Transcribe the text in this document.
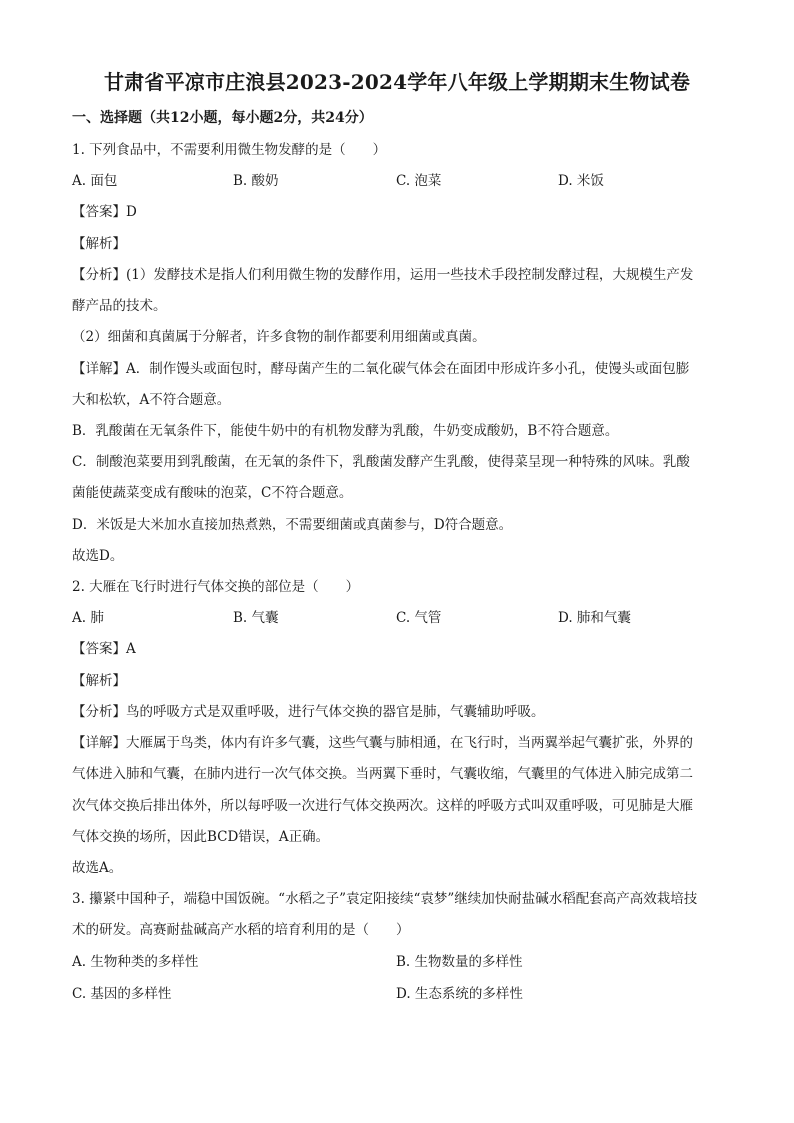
甘肃省平凉市庄浪县2023-2024学年八年级上学期期末生物试卷
一、选择题（共12小题，每小题2分，共24分）
1. 下列食品中，不需要利用微生物发酵的是（　　）
A. 面包	B. 酸奶	C. 泡菜	D. 米饭
【答案】D
【解析】
【分析】(1）发酵技术是指人们利用微生物的发酵作用，运用一些技术手段控制发酵过程，大规模生产发
酵产品的技术。
（2）细菌和真菌属于分解者，许多食物的制作都要利用细菌或真菌。
【详解】A．制作馒头或面包时，酵母菌产生的二氧化碳气体会在面团中形成许多小孔，使馒头或面包膨
大和松软，A不符合题意。
B．乳酸菌在无氧条件下，能使牛奶中的有机物发酵为乳酸，牛奶变成酸奶，B不符合题意。
C．制酸泡菜要用到乳酸菌，在无氧的条件下，乳酸菌发酵产生乳酸，使得菜呈现一种特殊的风味。乳酸
菌能使蔬菜变成有酸味的泡菜，C不符合题意。
D．米饭是大米加水直接加热煮熟，不需要细菌或真菌参与，D符合题意。
故选D。
2. 大雁在飞行时进行气体交换的部位是（　　）
A. 肺	B. 气囊	C. 气管	D. 肺和气囊
【答案】A
【解析】
【分析】鸟的呼吸方式是双重呼吸，进行气体交换的器官是肺，气囊辅助呼吸。
【详解】大雁属于鸟类，体内有许多气囊，这些气囊与肺相通，在飞行时，当两翼举起气囊扩张，外界的
气体进入肺和气囊，在肺内进行一次气体交换。当两翼下垂时，气囊收缩，气囊里的气体进入肺完成第二
次气体交换后排出体外，所以每呼吸一次进行气体交换两次。这样的呼吸方式叫双重呼吸，可见肺是大雁
气体交换的场所，因此BCD错误，A正确。
故选A。
3. 攥紧中国种子，端稳中国饭碗。“水稻之子”袁定阳接续“袁梦”继续加快耐盐碱水稻配套高产高效栽培技
术的研发。高赛耐盐碱高产水稻的培育利用的是（　　）
A. 生物种类的多样性	B. 生物数量的多样性
C. 基因的多样性	D. 生态系统的多样性
